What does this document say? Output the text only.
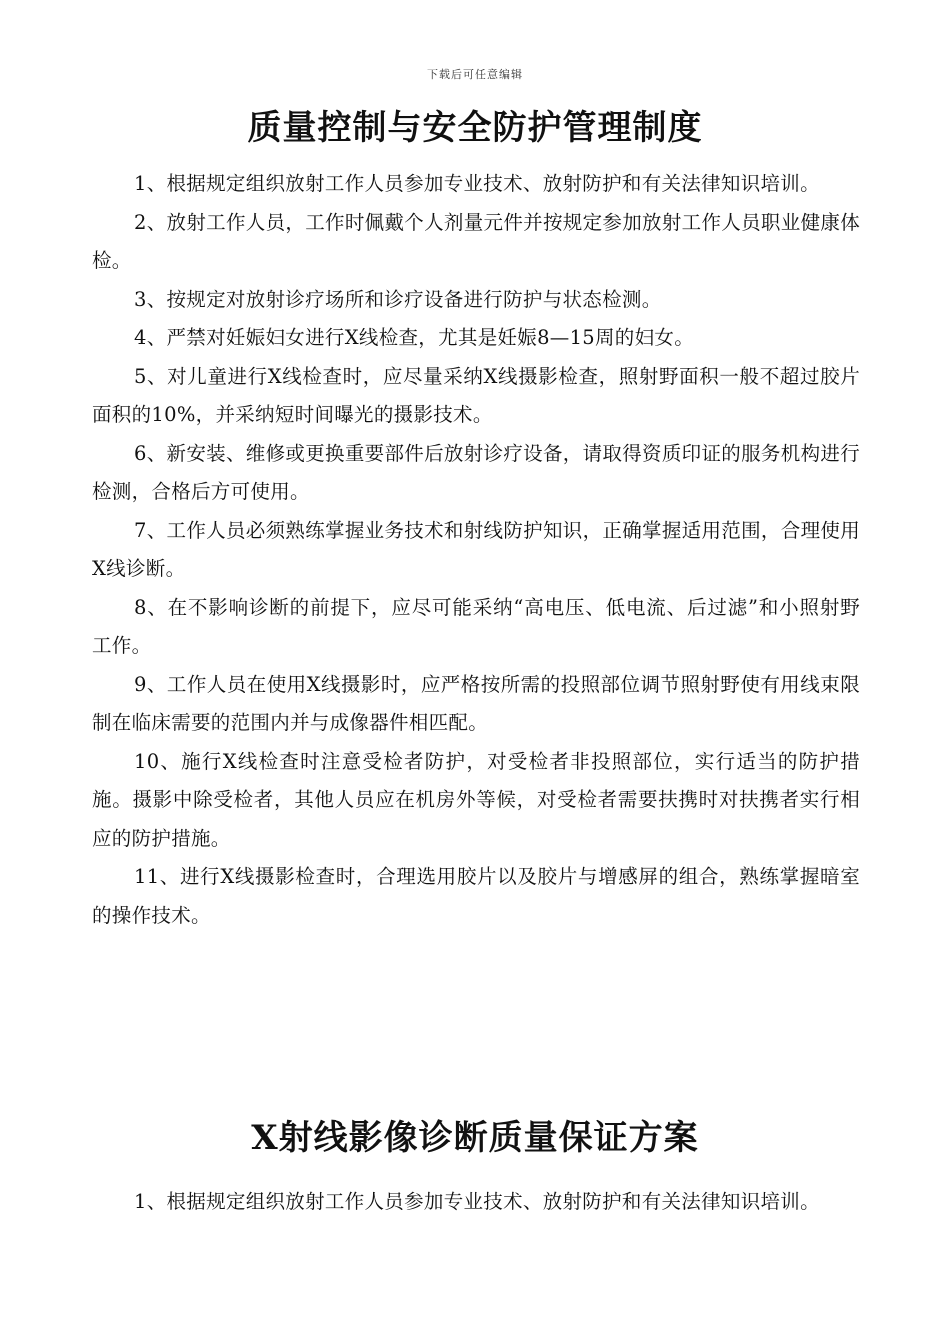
下载后可任意编辑
质量控制与安全防护管理制度

1、根据规定组织放射工作人员参加专业技术、放射防护和有关法律知识培训。

2、放射工作人员，工作时佩戴个人剂量元件并按规定参加放射工作人员职业健康体检。

3、按规定对放射诊疗场所和诊疗设备进行防护与状态检测。

4、严禁对妊娠妇女进行X线检查，尤其是妊娠8—15周的妇女。

5、对儿童进行X线检查时，应尽量采纳X线摄影检查，照射野面积一般不超过胶片面积的10%，并采纳短时间曝光的摄影技术。

6、新安装、维修或更换重要部件后放射诊疗设备，请取得资质印证的服务机构进行检测，合格后方可使用。

7、工作人员必须熟练掌握业务技术和射线防护知识，正确掌握适用范围，合理使用X线诊断。

8、在不影响诊断的前提下，应尽可能采纳“高电压、低电流、后过滤”和小照射野工作。

9、工作人员在使用X线摄影时，应严格按所需的投照部位调节照射野使有用线束限制在临床需要的范围内并与成像器件相匹配。

10、施行X线检查时注意受检者防护，对受检者非投照部位，实行适当的防护措施。摄影中除受检者，其他人员应在机房外等候，对受检者需要扶携时对扶携者实行相应的防护措施。

11、进行X线摄影检查时，合理选用胶片以及胶片与增感屏的组合，熟练掌握暗室的操作技术。

X射线影像诊断质量保证方案

1、根据规定组织放射工作人员参加专业技术、放射防护和有关法律知识培训。
